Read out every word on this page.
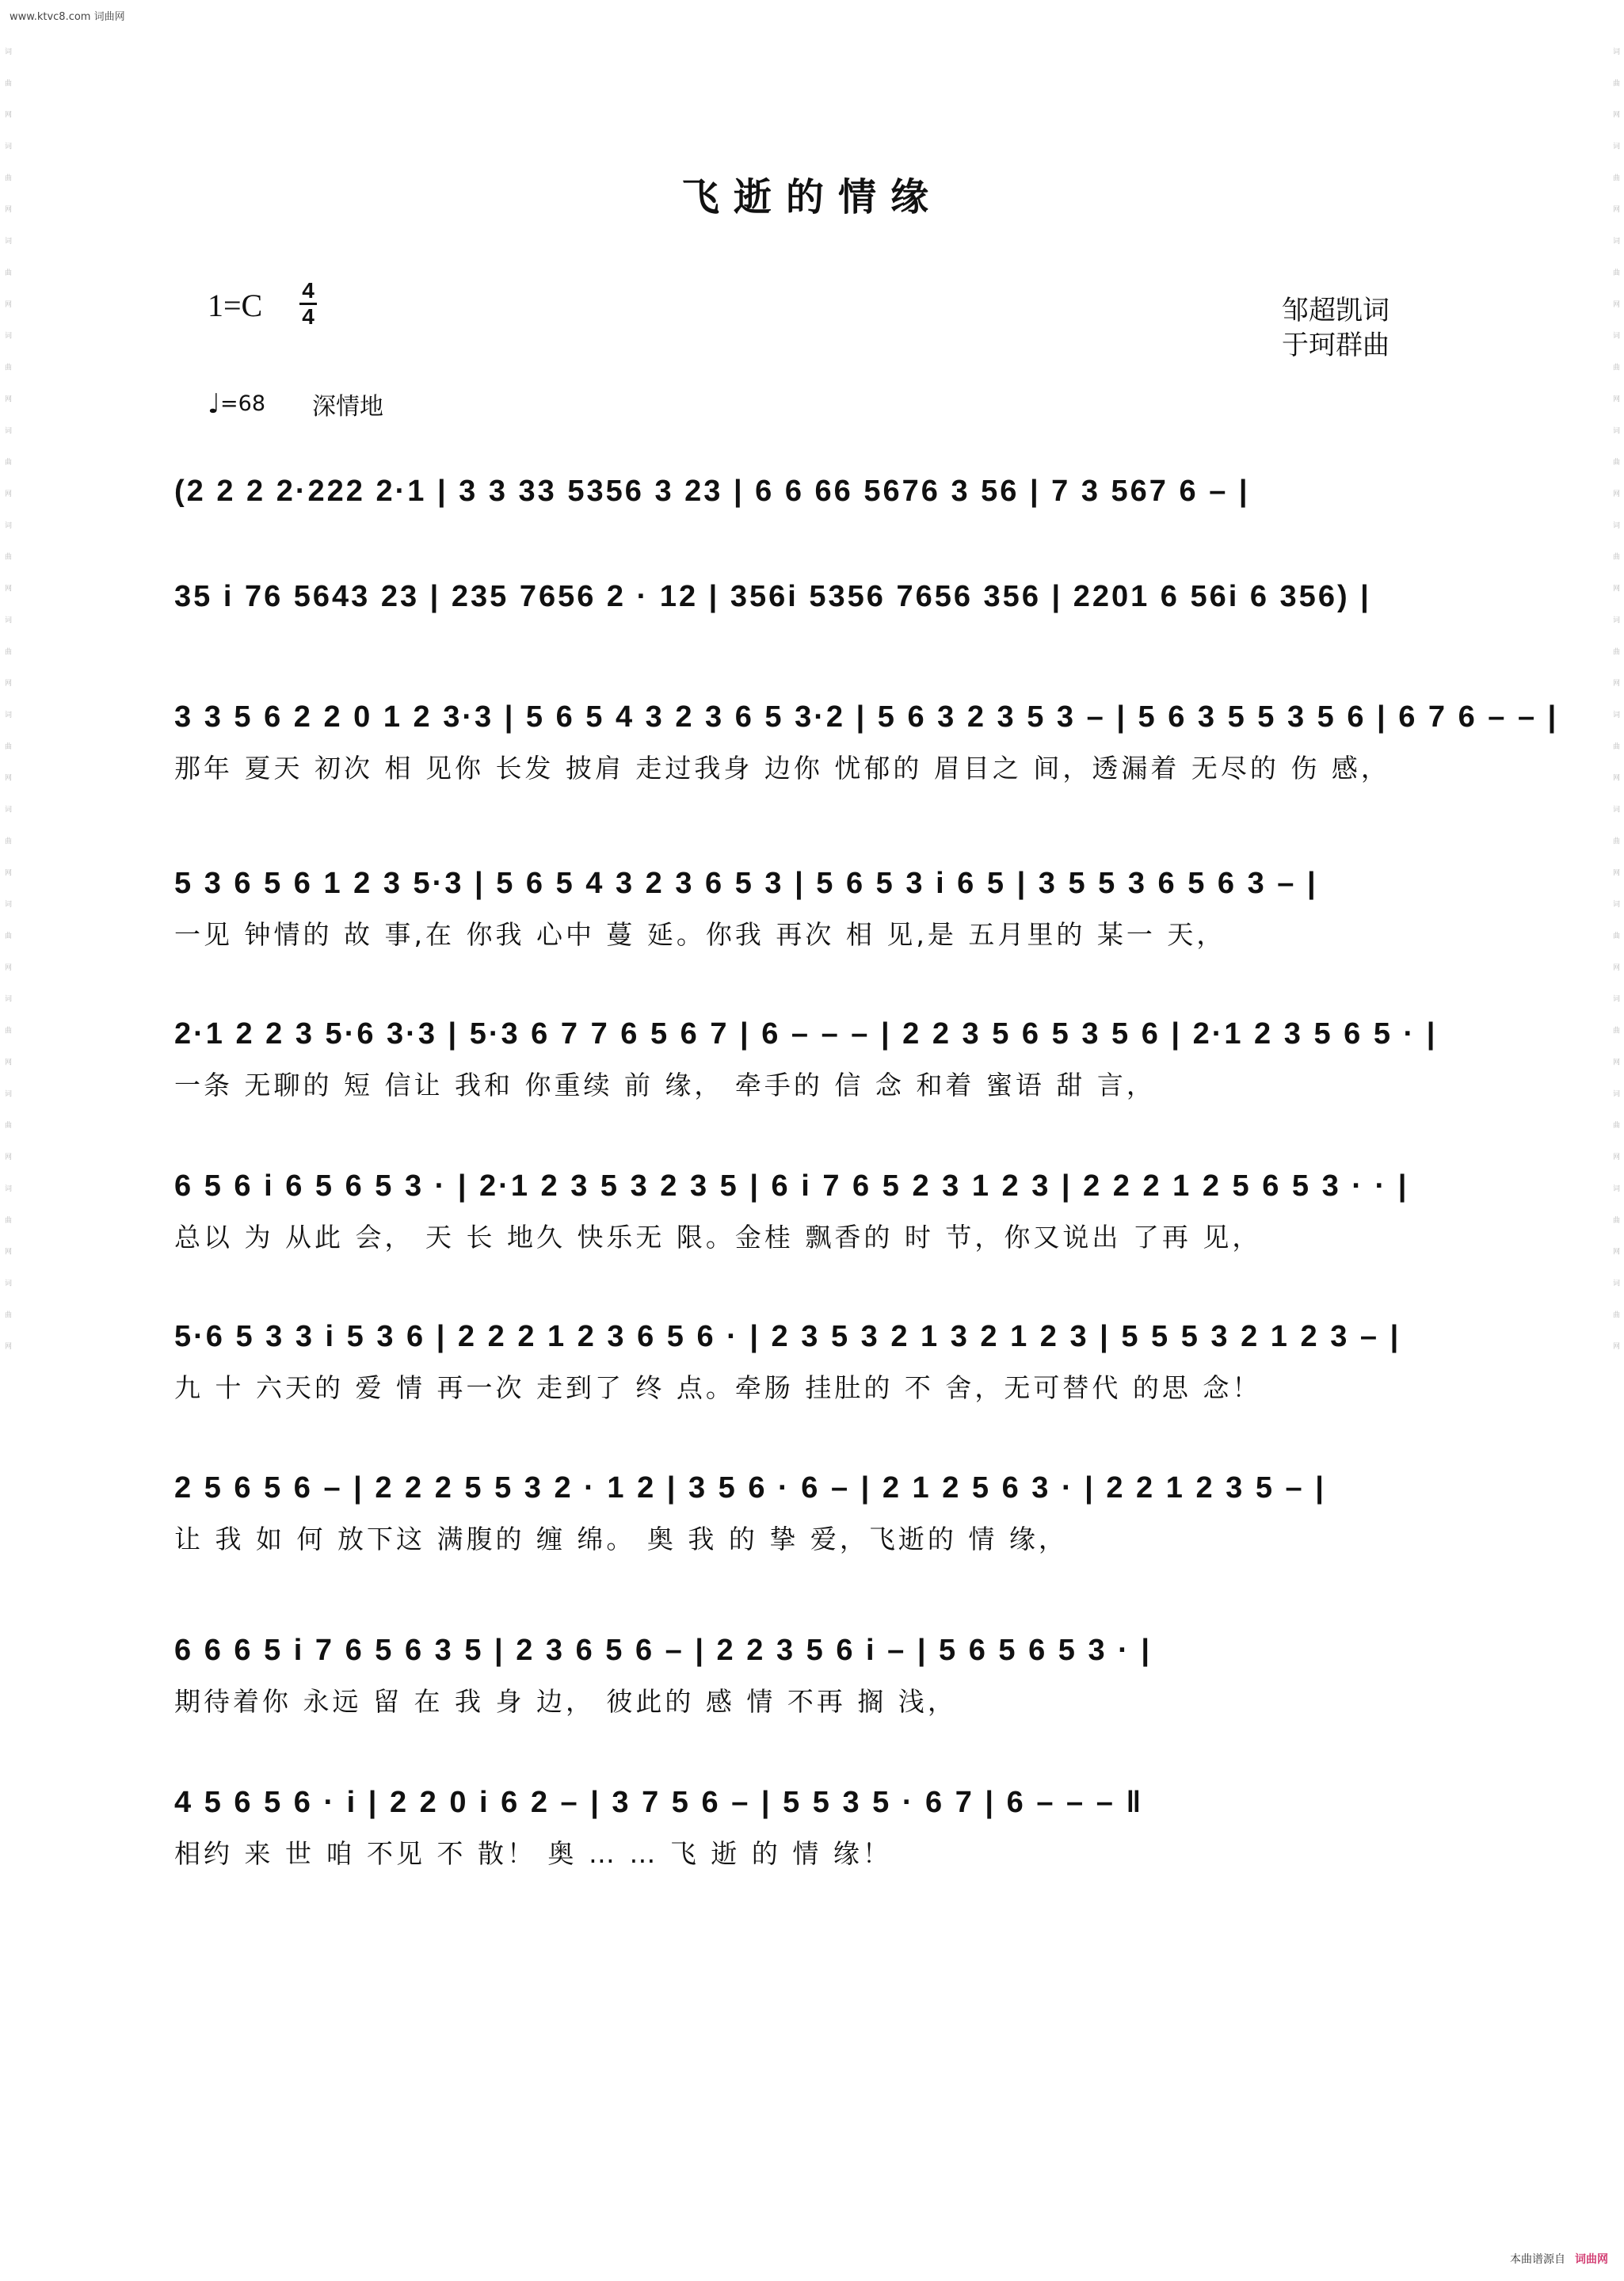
www.ktvc8.com 词曲网
词 曲 网 词 曲 网 词 曲 网 词 曲 网 词 曲 网 词 曲 网 词 曲 网 词 曲 网 词 曲 网 词 曲 网 词 曲 网 词 曲 网 词 曲 网 词 曲 网	词 曲 网 词 曲 网 词 曲 网 词 曲 网 词 曲 网 词 曲 网 词 曲 网 词 曲 网 词 曲 网 词 曲 网 词 曲 网 词 曲 网 词 曲 网 词 曲 网
飞逝的情缘
1=C 4
4	邹超凯词
于珂群曲
♩=68 深情地
(2 2 2 2·222 2·1 | 3 3 33 5356 3 23 | 6 6 66 5676 3 56 | 7 3 567 6 – |
35 i 76 5643 23 | 235 7656 2 · 12 | 356i 5356 7656 356 | 2201 6 56i 6 356) |
3 3 5 6 2 2 0 1 2 3·3 | 5 6 5 4 3 2 3 6 5 3·2 | 5 6 3 2 3 5 3 – | 5 6 3 5 5 3 5 6 | 6 7 6 – – |
那年 夏天 初次 相 见你 长发 披肩 走过我身 边你 忧郁的 眉目之 间，透漏着 无尽的 伤 感，
5 3 6 5 6 1 2 3 5·3 | 5 6 5 4 3 2 3 6 5 3 | 5 6 5 3 i 6 5 | 3 5 5 3 6 5 6 3 – |
一见 钟情的 故 事,在 你我 心中 蔓 延。你我 再次 相 见,是 五月里的 某一 天，
2·1 2 2 3 5·6 3·3 | 5·3 6 7 7 6 5 6 7 | 6 – – – | 2 2 3 5 6 5 3 5 6 | 2·1 2 3 5 6 5 · |
一条 无聊的 短 信让 我和 你重续 前 缘， 牵手的 信 念 和着 蜜语 甜 言，
6 5 6 i 6 5 6 5 3 · | 2·1 2 3 5 3 2 3 5 | 6 i 7 6 5 2 3 1 2 3 | 2 2 2 1 2 5 6 5 3 · · |
总以 为 从此 会， 天 长 地久 快乐无 限。金桂 飘香的 时 节，你又说出 了再 见，
5·6 5 3 3 i 5 3 6 | 2 2 2 1 2 3 6 5 6 · | 2 3 5 3 2 1 3 2 1 2 3 | 5 5 5 3 2 1 2 3 – |
九 十 六天的 爱 情 再一次 走到了 终 点。牵肠 挂肚的 不 舍，无可替代 的思 念！
2 5 6 5 6 – | 2 2 2 5 5 3 2 · 1 2 | 3 5 6 · 6 – | 2 1 2 5 6 3 · | 2 2 1 2 3 5 – |
让 我 如 何 放下这 满腹的 缠 绵。 奥 我 的 挚 爱，飞逝的 情 缘，
6 6 6 5 i 7 6 5 6 3 5 | 2 3 6 5 6 – | 2 2 3 5 6 i – | 5 6 5 6 5 3 · |
期待着你 永远 留 在 我 身 边， 彼此的 感 情 不再 搁 浅，
4 5 6 5 6 · i | 2 2 0 i 6 2 – | 3 7 5 6 – | 5 5 3 5 · 6 7 | 6 – – – ‖
相约 来 世 咱 不见 不 散！ 奥 … … 飞 逝 的 情 缘！
本曲谱源自 词曲网
